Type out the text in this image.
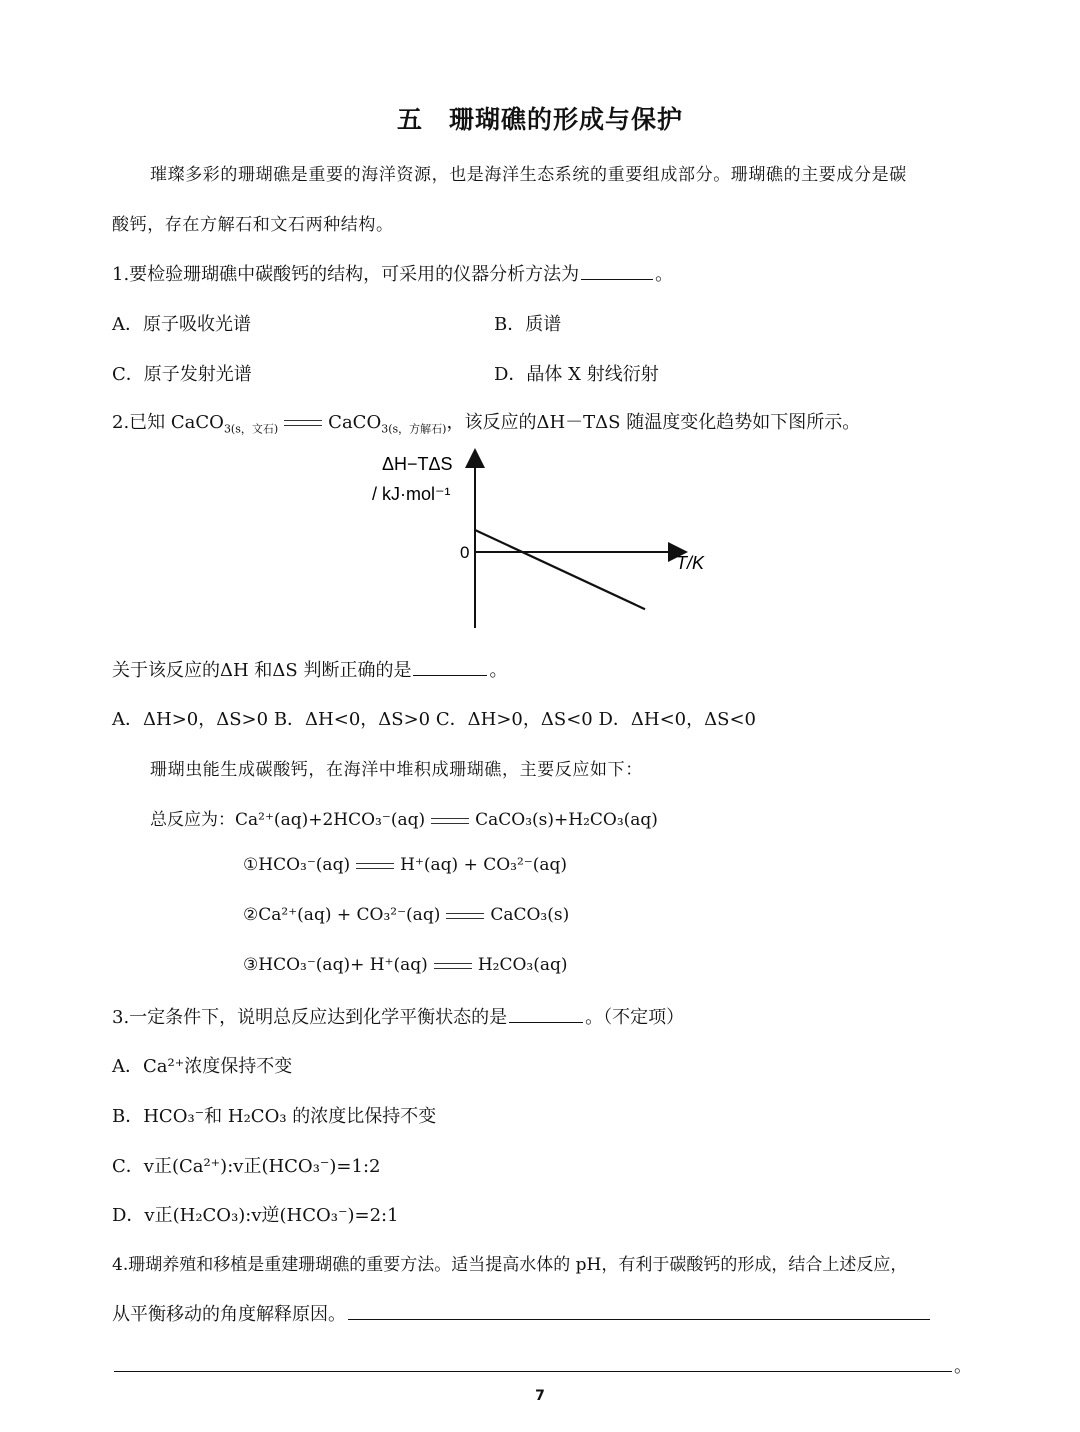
五　珊瑚礁的形成与保护
璀璨多彩的珊瑚礁是重要的海洋资源，也是海洋生态系统的重要组成部分。珊瑚礁的主要成分是碳
酸钙，存在方解石和文石两种结构。
1.要检验珊瑚礁中碳酸钙的结构，可采用的仪器分析方法为	。
A．原子吸收光谱	B．质谱
C．原子发射光谱	D．晶体 X 射线衍射
2.已知 CaCO$_{3(s,文石)}$	CaCO$_{3(s,方解石)}$，该反应的ΔH－TΔS 随温度变化趋势如下图所示。
ΔH−TΔS
/ kJ·mol⁻¹
0
T/K
关于该反应的ΔH 和ΔS 判断正确的是	。
A．ΔH>0，ΔS>0 B．ΔH<0，ΔS>0 C．ΔH>0，ΔS<0 D．ΔH<0，ΔS<0
珊瑚虫能生成碳酸钙，在海洋中堆积成珊瑚礁，主要反应如下：
总反应为：Ca²⁺(aq)+2HCO₃⁻(aq)	CaCO₃(s)+H₂CO₃(aq)
①HCO₃⁻(aq)	H⁺(aq) + CO₃²⁻(aq)
②Ca²⁺(aq) + CO₃²⁻(aq)	CaCO₃(s)
③HCO₃⁻(aq)+ H⁺(aq)	H₂CO₃(aq)
3.一定条件下，说明总反应达到化学平衡状态的是	。（不定项）
A．Ca²⁺浓度保持不变
B．HCO₃⁻和 H₂CO₃ 的浓度比保持不变
C．v正(Ca²⁺):v正(HCO₃⁻)=1:2
D．v正(H₂CO₃):v逆(HCO₃⁻)=2:1
4.珊瑚养殖和移植是重建珊瑚礁的重要方法。适当提高水体的 pH，有利于碳酸钙的形成，结合上述反应，
从平衡移动的角度解释原因。
。
7
